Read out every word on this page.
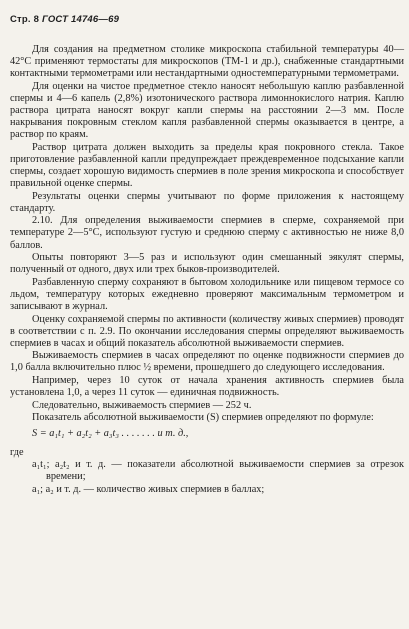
Стр. 8 ГОСТ 14746—69

Для создания на предметном столике микроскопа стабильной температуры 40—42°С применяют термостаты для микроскопов (ТМ-1 и др.), снабженные стандартными контактными термометрами или нестандартными одностемпературными термометрами.

Для оценки на чистое предметное стекло наносят небольшую каплю разбавленной спермы и 4—6 капель (2,8%) изотонического раствора лимоннокислого натрия. Каплю раствора цитрата наносят вокруг капли спермы на расстоянии 2—3 мм. После накрывания покровным стеклом капля разбавленной спермы оказывается в центре, а раствор по краям.

Раствор цитрата должен выходить за пределы края покровного стекла. Такое приготовление разбавленной капли предупреждает преждевременное подсыхание капли спермы, создает хорошую видимость спермиев в поле зрения микроскопа и способствует правильной оценке спермы.

Результаты оценки спермы учитывают по форме приложения к настоящему стандарту.

2.10. Для определения выживаемости спермиев в сперме, сохраняемой при температуре 2—5°С, используют густую и среднюю сперму с активностью не ниже 8,0 баллов.

Опыты повторяют 3—5 раз и используют один смешанный эякулят спермы, полученный от одного, двух или трех быков-производителей.

Разбавленную сперму сохраняют в бытовом холодильнике или пищевом термосе со льдом, температуру которых ежедневно проверяют максимальным термометром и записывают в журнал.

Оценку сохраняемой спермы по активности (количеству живых спермиев) проводят в соответствии с п. 2.9. По окончании исследования спермы определяют выживаемость спермиев в часах и общий показатель абсолютной выживаемости спермиев.

Выживаемость спермиев в часах определяют по оценке подвижности спермиев до 1,0 балла включительно плюс ½ времени, прошедшего до следующего исследования.

Например, через 10 суток от начала хранения активность спермиев была установлена 1,0, а через 11 суток — единичная подвижность.

Следовательно, выживаемость спермиев — 252 ч.

Показатель абсолютной выживаемости (S) спермиев определяют по формуле:

S = a₁t₁ + a₂t₂ + a₃t₃ . . . . . . . и т. д.,

где

a₁t₁; a₂t₂ и т. д. — показатели абсолютной выживаемости спермиев за отрезок времени;

a₁; a₂ и т. д. — количество живых спермиев в баллах;
